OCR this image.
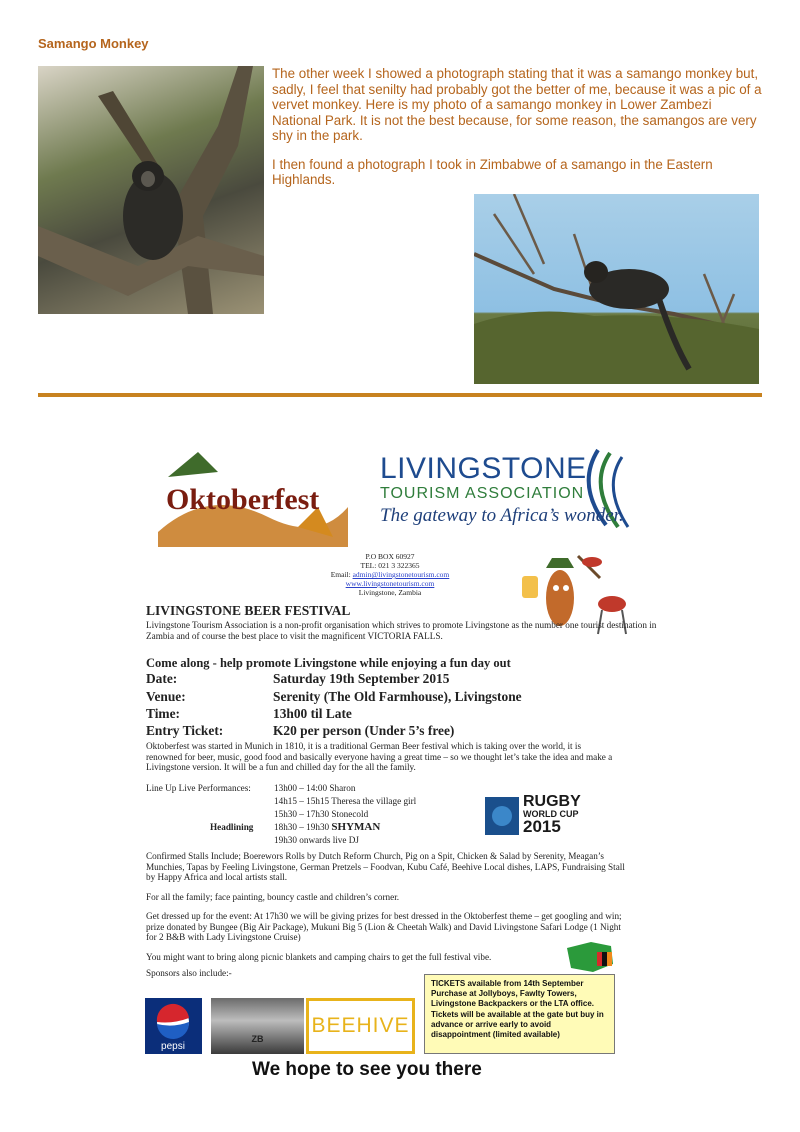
Samango Monkey

The other week I showed a photograph stating that it was a samango monkey but, sadly, I feel that senilty had probably got the better of me, because it was a pic of a vervet monkey. Here is my photo of a samango monkey in Lower Zambezi National Park. It is not the best because, for some reason, the samangos are very shy in the park.

I then found a photograph I took in Zimbabwe of a samango in the Eastern Highlands.

Oktoberfest
LIVINGSTONE
TOURISM ASSOCIATION
The gateway to Africa’s wonder.
P.O BOX 60927
TEL: 021 3 322365
Email: admin@livingstonetourism.com
www.livingstonetourism.com
Livingstone, Zambia
LIVINGSTONE BEER FESTIVAL
Livingstone Tourism Association is a non-profit organisation which strives to promote Livingstone as the number one tourist destination in Zambia and of course the best place to visit the magnificent VICTORIA FALLS.
Come along - help promote Livingstone while enjoying a fun day out
Date:	Saturday 19th September 2015
Venue:	Serenity (The Old Farmhouse), Livingstone
Time:	13h00 til Late
Entry Ticket:	K20 per person (Under 5’s free)
Oktoberfest was started in Munich in 1810, it is a traditional German Beer festival which is taking over the world, it is renowned for beer, music, good food and basically everyone having a great time – so we thought let’s take the idea and make a Livingstone version. It will be a fun and chilled day for the all the family.
Line Up Live Performances:	13h00 – 14:00 Sharon
14h15 – 15h15 Theresa the village girl
15h30 – 17h30 Stonecold
Headlining 18h30 – 19h30 SHYMAN
19h30 onwards live DJ
RUGBY
WORLD CUP
2015
Confirmed Stalls Include; Boerewors Rolls by Dutch Reform Church, Pig on a Spit, Chicken & Salad by Serenity, Meagan’s Munchies, Tapas by Feeling Livingstone, German Pretzels – Foodvan, Kubu Café, Beehive Local dishes, LAPS, Fundraising Stall by Happy Africa and local artists stall.
For all the family; face painting, bouncy castle and children’s corner.
Get dressed up for the event: At 17h30 we will be giving prizes for best dressed in the Oktoberfest theme – get googling and win; prize donated by Bungee (Big Air Package), Mukuni Big 5 (Lion & Cheetah Walk) and David Livingstone Safari Lodge (1 Night for 2 B&B with Lady Livingstone Cruise)
You might want to bring along picnic blankets and camping chairs to get the full festival vibe.
Sponsors also include:-
TICKETS available from 14th September Purchase at Jollyboys, Fawlty Towers, Livingstone Backpackers or the LTA office.
Tickets will be available at the gate but buy in advance or arrive early to avoid disappointment (limited available)
pepsi
ZB
BEEHIVE
We hope to see you there
